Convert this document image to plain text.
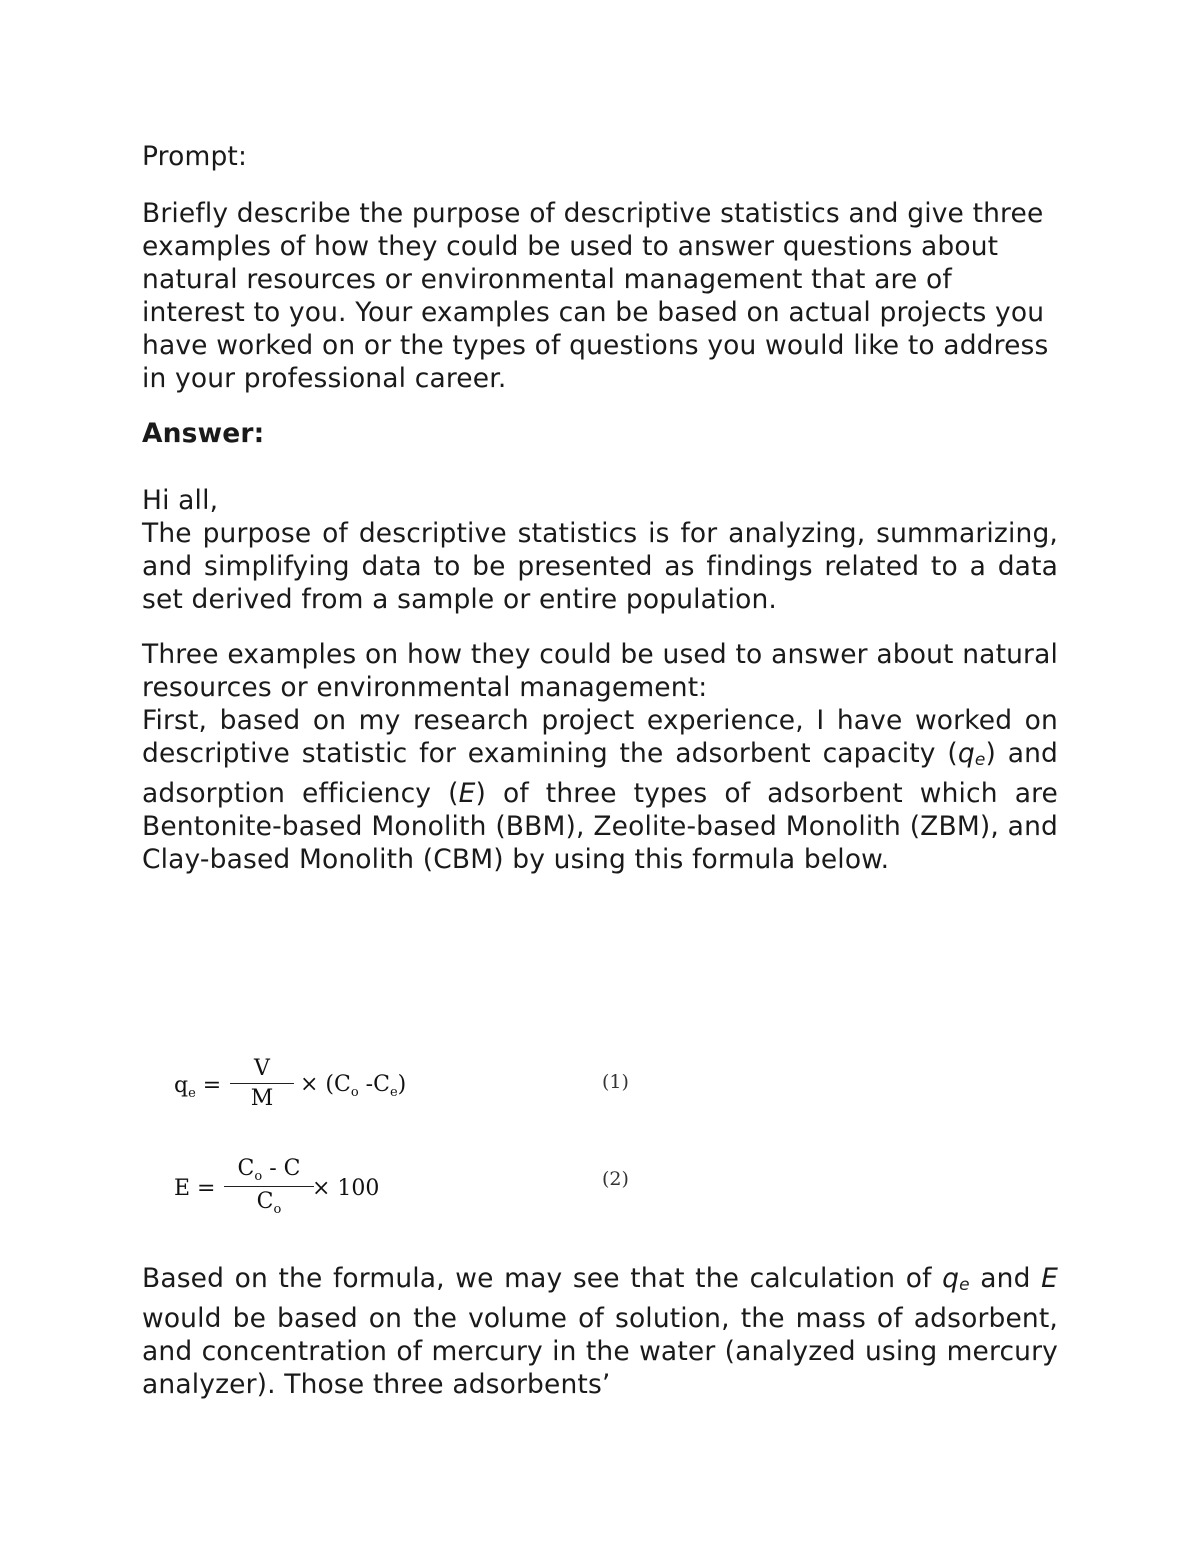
Prompt:

Briefly describe the purpose of descriptive statistics and give three examples of how they could be used to answer questions about natural resources or environmental management that are of interest to you. Your examples can be based on actual projects you have worked on or the types of questions you would like to address in your professional career.

Answer:

Hi all,

The purpose of descriptive statistics is for analyzing, summarizing, and simplifying data to be presented as findings related to a data set derived from a sample or entire population.

Three examples on how they could be used to answer about natural resources or environmental management:

First, based on my research project experience, I have worked on descriptive statistic for examining the adsorbent capacity (qe) and adsorption efficiency (E) of three types of adsorbent which are Bentonite-based Monolith (BBM), Zeolite-based Monolith (ZBM), and Clay-based Monolith (CBM) by using this formula below.

$q_e$ =
V
M
× ($C_o$ $-C_e$)	(1)
E =
$C_o$ - C
$C_o$
× 100	(2)
Based on the formula, we may see that the calculation of qe and E would be based on the volume of solution, the mass of adsorbent, and concentration of mercury in the water (analyzed using mercury analyzer). Those three adsorbents’
